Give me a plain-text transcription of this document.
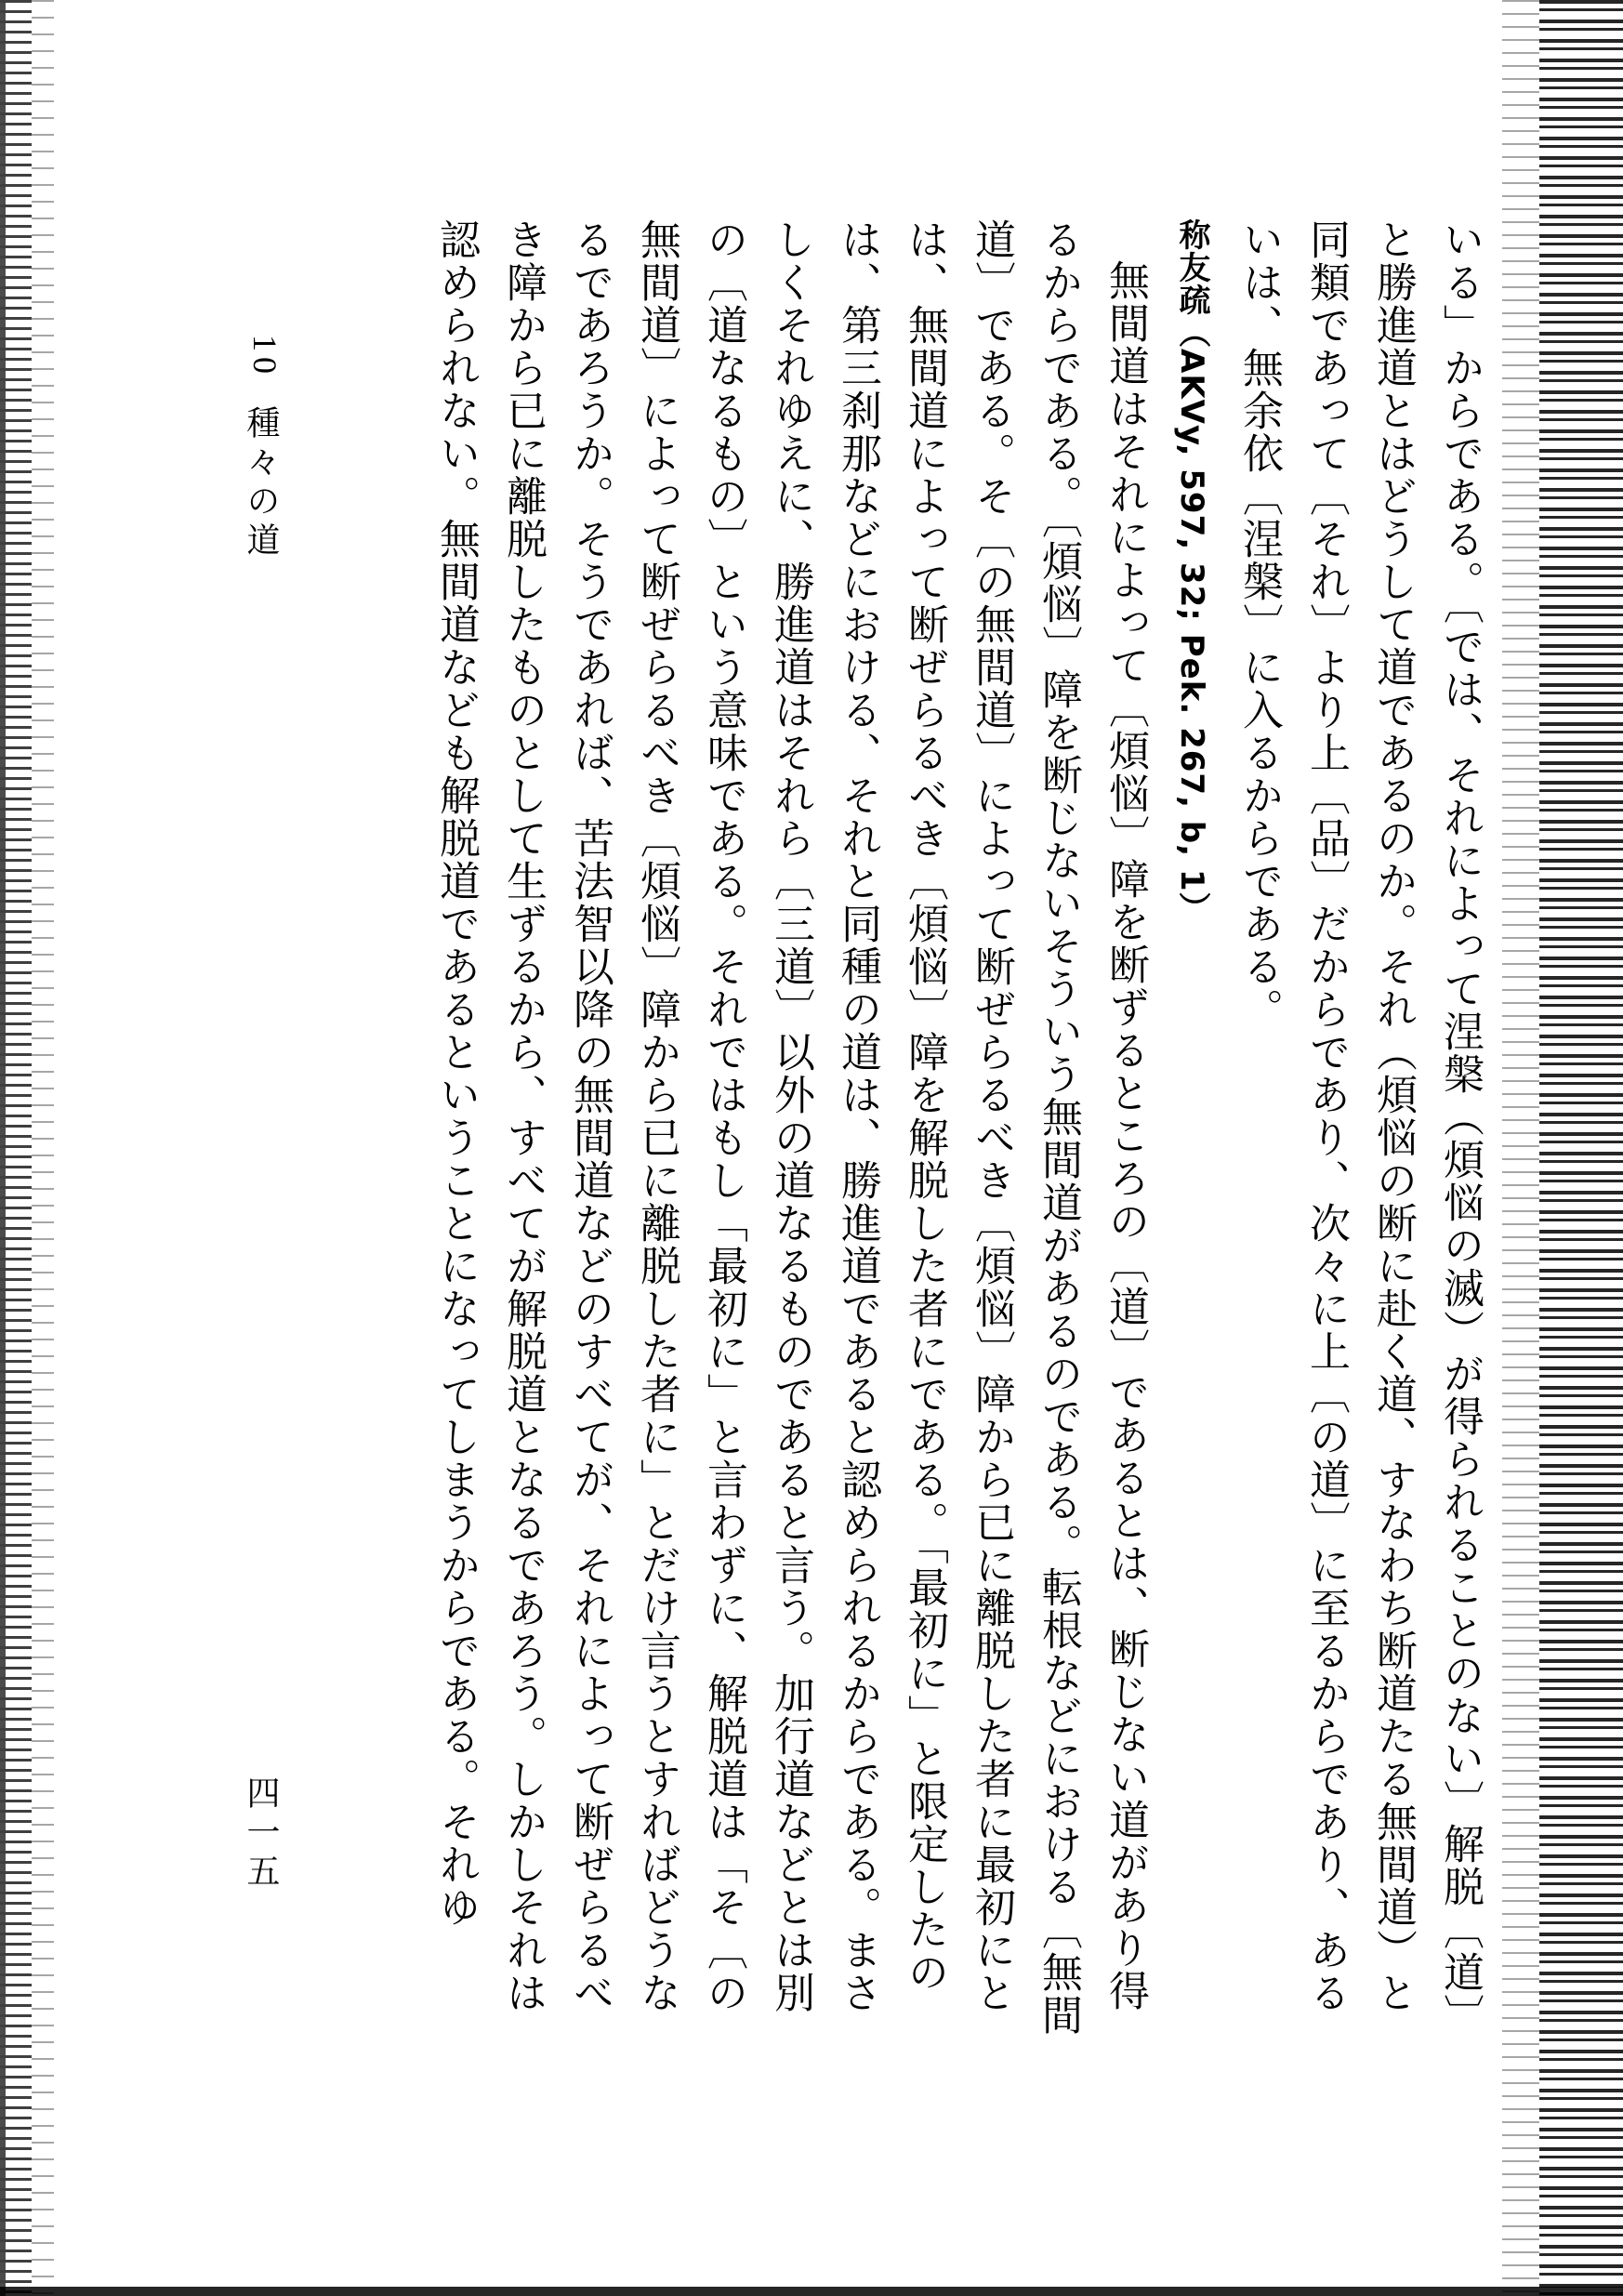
いる」からである。〔では、それによって涅槃（煩悩の滅）が得られることのない〕解脱〔道〕と勝進道とはどうして道であるのか。それ（煩悩の断に赴く道、すなわち断道たる無間道）と同類であって〔それ〕より上〔品〕だからであり、次々に上〔の道〕に至るからであり、あるいは、無余依〔涅槃〕に入るからである。

称友疏（AKVy, 597, 32; Pek. 267, b, 1）

無間道はそれによって〔煩悩〕障を断ずるところの〔道〕であるとは、断じない道があり得るからである。〔煩悩〕障を断じないそういう無間道があるのである。転根などにおける〔無間道〕である。そ〔の無間道〕によって断ぜらるべき〔煩悩〕障から已に離脱した者に最初にとは、無間道によって断ぜらるべき〔煩悩〕障を解脱した者にである。「最初に」と限定したのは、第三刹那などにおける、それと同種の道は、勝進道であると認められるからである。まさしくそれゆえに、勝進道はそれら〔三道〕以外の道なるものであると言う。加行道などとは別の〔道なるもの〕という意味である。それではもし「最初に」と言わずに、解脱道は「そ〔の無間道〕によって断ぜらるべき〔煩悩〕障から已に離脱した者に」とだけ言うとすればどうなるであろうか。そうであれば、苦法智以降の無間道などのすべてが、それによって断ぜらるべき障から已に離脱したものとして生ずるから、すべてが解脱道となるであろう。しかしそれは認められない。無間道なども解脱道であるということになってしまうからである。それゆ

10
種々の道
四一五
